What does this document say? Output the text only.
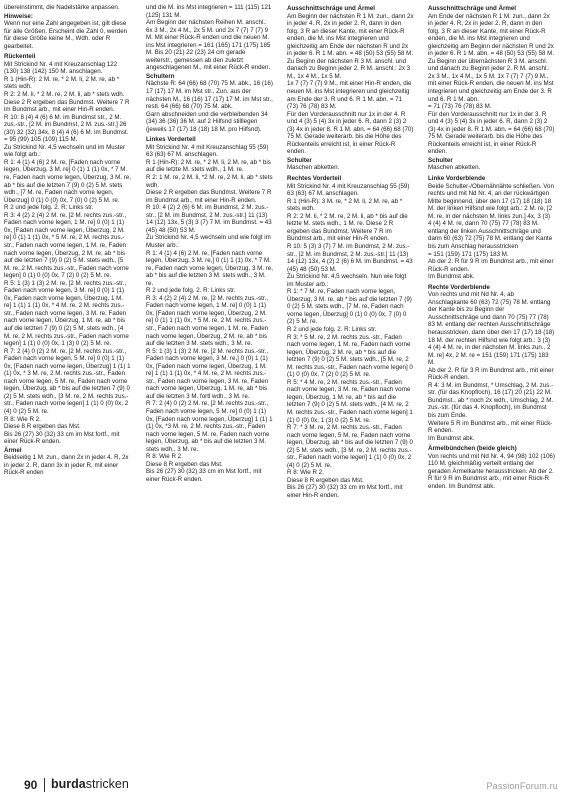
übereinstimmt, die Nadelstärke anpassen.

Hinweise:

Wenn nur eine Zahl angegeben ist, gilt diese für alle Größen. Erscheint die Zahl 0, werden für diese Größe keine M., Wdh. oder R gearbeitet.

Rückenteil

Mit Strickind Nr. 4 mit Kreuzanschlag 122 (130) 138 (142) 150 M. anschlagen.

R 1 (Hin-R): 2 M. re, * 2 M. li, 2 M. re, ab * stets wdh.

R 2: 2 M. li, * 2 M. re, 2 M. li, ab * stets wdh. Diese 2 R ergeben das Bundmst. Weitere 7 R im Bundmst arb., mit einer Hin-R enden.

R 10: 8 (4) 4 (6) 6 M. im Bundmst str., 2 M. zus.-str., [2 M. im Bundmst, 2 M. zus.-str.] 26 (30) 32 (32) 34x, 8 (4) 4 (6) 6 M. im Bundmst. = 95 (99) 105 (109) 115 M.

Zu Strickind Nr. 4,5 wechseln und im Muster wie folgt arb.:

R 1: 4 (1) 4 (6) 2 M. re, [Faden nach vorne legen, Überzug, 3 M. re] 0 (1) 1 (1) 0x, * 7 M. re, Faden nach vorne legen, Überzug, 3 M. re, ab * bis auf die letzten 7 (9) 0 (2) 5 M. stets wdh., [7 M. re, Faden nach vorne legen, Überzug] 0 (1) 0 (0) 0x, 7 (0) 0 (2) 5 M. re.

R 2 und jede folg. 2. R: Links str.

R 3: 4 (2) 2 (4) 2 M. re, [2 M. rechts zus.-str., Faden nach vorne legen, 1 M. re] 0 (0) 1 (1) 0x, [Faden nach vorne legen, Überzug, 2 M. re] 0 (1) 1 (1) 0x, * 5 M. re, 2 M. rechts zus.-str., Faden nach vorne legen, 1 M. re, Faden nach vorne legen, Überzug, 2 M. re, ab * bis auf die letzten 7 (9) 0 (2) 5 M. stets wdh., [5 M. re, 2 M. rechts zus.-str., Faden nach vorne legen] 0 (1) 0 (0) 0x, 7 (2) 0 (2) 5 M. re.

R 5: 1 (3) 1 (3) 2 M. re, [2 M. rechts zus.-str., Faden nach vorne legen, 3 M. re] 0 (0) 1 (1) 0x, Faden nach vorne legen, Überzug, 1 M. re] 1 (1) 1 (1) 0x, * 4 M. re, 2 M. rechts zus.-str., Faden nach vorne legen, 3 M. re, Faden nach vorne legen, Überzug, 1 M. re, ab * bis auf die letzten 7 (9) 0 (2) 5 M. stets wdh., [4 M. re, 2 M. rechts zus.-str., Faden nach vorne legen] 1 (1) 0 (0) 0x, 1 (3) 0 (2) 5 M. re.

R 7: 2 (4) 0 (2) 2 M. re, [2 M. rechts zus.-str., Faden nach vorne legen, 5 M. re] 0 (0) 1 (1) 0x, [Faden nach vorne legen, Überzug] 1 (1) 1 (1) 0x, * 3 M. re, 2 M. rechts zus.-str., Faden nach vorne legen, 5 M. re, Faden nach vorne legen, Überzug, ab * bis auf die letzten 7 (9) 0 (2) 5 M. stets wdh., [3 M. re, 2 M. rechts zus.-str., Faden nach vorne legen] 1 (1) 0 (0) 0x, 2 (4) 0 (2) 5 M. re.

R 8: Wie R 2.

Diese 8 R ergeben das Mst.

Bis 26 (27) 30 (32) 33 cm im Mst fortf., mit einer Rück-R enden.

Ärmel

Beidseitig 1 M. zun., dann 2x in jeder 4. R, 2x in jeder 2. R, dann 3x in jeder R, mit einer Rück-R enden

und die M. ins Mst integrieren = 111 (115) 121 (125) 131 M.

Am Beginn der nächsten Reihen M. anschl.: 6x 3 M., 2x 4 M., 2x 5 M. und 2x 7 (7) 7 (7) 9 M. Mit einer Rück-R enden und die neuen M. ins Mst integrieren = 161 (165) 171 (175) 185 M. Bis 20 (21) 22 (23) 24 cm gerade weiterstr., gemessen ab den zuletzt angeschlagenen M., mit einer Rück-R enden.

Schultern

Nächste R: 64 (66) 68 (70) 75 M. abk., 16 (16) 17 (17) 17 M. im Mst str., Zun. aus der nächsten M., 16 (16) 17 (17) 17 M. im Mst str., restl. 64 (66) 68 (70) 75 M. abk.

Garn abschneiden und die verbleibenden 34 (34) 36 (36) 36 M. auf 2 Hilfsnd stilllegen (jeweils 17 (17) 18 (18) 18 M. pro Hilfsnd).

Linkes Vorderteil

Mit Strickind Nr. 4 mit Kreuzanschlag 55 (59) 63 (63) 67 M. anschlagen.

R 1 (Hin-R): 2 M. re, * 2 M. li, 2 M. re, ab * bis auf die letzte M. stets wdh., 1 M. re.

R 2: 1 M. re, 2 M. li, *2 M. re, 2 M. li, ab * stets wdh.

Diese 2 R ergeben das Bundmst. Weitere 7 R im Bundmst arb., mit einer Hin-R enden.

R 10: 4 (2) 2 (6) 6 M. im Bundmst, 2 M. zus.-str., [2 M. im Bundmst, 2 M. zus.-str.] 11 (13) 14 (12) 13x, 5 (3) 3 (7) 7 M. im Bundmst. = 43 (45) 48 (50) 53 M.

Zu Strickind Nr. 4,5 wechseln und wie folgt im Muster arb.:

R 1: 4 (1) 4 (6) 2 M. re, [Faden nach vorne legen, Überzug, 3 M. re,] 0 (1) 1 (1) 0x, * 7 M. re, Faden nach vorne legen, Überzug, 3 M. re, ab * bis auf die letzten 3 M. stets wdh., 3 M. re.

R 2 und jede folg. 2. R: Links str.

R 3: 4 (2) 2 (4) 2 M. re, [2 M. rechts zus.-str., Faden nach vorne legen, 1 M. re] 0 (0) 1 (1) 0x, [Faden nach vorne legen, Überzug, 2 M. re] 0 (1) 1 (1) 0x, * 5 M. re, 2 M. rechts zus.-str., Faden nach vorne legen, 1 M. re, Faden nach vorne legen, Überzug, 2 M. re, ab * bis auf die letzten 3 M. stets wdh., 3 M. re.

R 5: 1 (3) 1 (3) 2 M. re, [2 M. rechts zus.-str., Faden nach vorne legen, 3 M. re,] 0 (0) 1 (1) 0x, [Faden nach vorne legen, Überzug, 1 M. re] 1 (1) 1 (1) 0x, * 4 M. re, 2 M. rechts zus.-str., Faden nach vorne legen, 3 M. re, Faden nach vorne legen, Überzug, 1 M. re, ab * bis auf die letzten 3 M. fortl wdh., 3 M. re.

R 7: 2 (4) 0 (2) 2 M. re, [2 M. rechts zus.-str., Faden nach vorne legen, 5 M. re] 0 (0) 1 (1) 0x, [Faden nach vorne legen, Überzug] 1 (1) 1 (1) 0x, *3 M. re, 2 M. rechts zus.-str., Faden nach vorne legen, 5 M. re, Faden nach vorne legen, Überzug, ab * bis auf die letzten 3 M. stets wdh., 3 M. re.

R 8: Wie R 2.

Diese 8 R ergeben das Mst.

Bis 26 (27) 30 (32) 33 cm im Mst fortf., mit einer Rück-R enden.

Ausschnittschräge und Ärmel

Am Beginn der nächsten R 1 M. zun., dann 2x in jeder 4. R, 2x in jeder 2. R, dann in den folg. 3 R an dieser Kante, mit einer Rück-R enden, die M. ins Mst integrieren und gleichzeitig am Ende der nächsten R und 2x in jeder 6. R 1 M. abn. = 48 (50) 53 (55) 58 M.

Zu Beginn der nächsten R 3 M. anschl. und danach zu Beginn jeder 2. R M. anschl.: 2x 3 M., 1x 4 M., 1x 5 M.

1x 7 (7) 7 (7) 9 M., mit einer Hin-R enden, die neuen M. ins Mst integrieren und gleichzeitig am Ende der 3. R und 6. R 1 M. abn. = 71 (73) 76 (78) 83 M.

Für den Vorderausschnitt nur 1x in der 4. R und 4 (3) 5 (4) 3x in jeder 6. R, dann 2 (3) 2 (3) 4x in jeder 8. R 1 M. abn. = 64 (66) 68 (70) 75 M. Gerade weiterarb. bis die Höhe des Rückenteils erreicht ist, in einer Rück-R enden.

Schulter

Maschen abketten.

Rechtes Vorderteil

Mit Strickind Nr. 4 mit Kreuzanschlag 55 (59) 63 (63) 67 M. anschlagen.

R 1 (Hin-R): 3 M. re, * 2 M. li, 2 M. re, ab * stets wdh.

R 2: 2 M. li, * 2 M. re, 2 M. li, ab * bis auf die letzte M. stets wdh., 1 M. re. Diese 2 R ergeben das Bundmst. Weitere 7 R im Bundmst arb., mit einer Hin-R enden.

R 10: 5 (3) 3 (7) 7 M. im Bundmst, 2 M. zus.-str., [2 M. im Bundmst, 2 M. zus.-str.] 11 (13) 14 (12) 13x, 4 (2) 2 (6) 6 M. im Bundmst. = 43 (45) 48 (50) 53 M.

Zu Strickind Nr. 4,5 wechseln. Nun wie folgt im Muster arb.:

R 1: * 7 M. re, Faden nach vorne legen, Überzug, 3 M. re, ab * bis auf die letzten 7 (9) 0 (2) 5 M. stets wdh., [7 M. re, Faden nach vorne legen, Überzug] 0 (1) 0 (0) 0x, 7 (0) 0 (2) 5 M. re.

R 2 und jede folg. 2. R: Links str.

R 3: * 5 M. re, 2 M. rechts zus.-str., Faden nach vorne legen, 1 M. re, Faden nach vorne legen, Überzug, 2 M. re, ab * bis auf die letzten 7 (9) 0 (2) 5 M. stets wdh., [5 M. re, 2 M. rechts zus.-str., Faden nach vorne legen] 0 (1) 0 (0) 0x, 7 (2) 0 (2) 5 M. re.

R 5: * 4 M. re, 2 M. rechts zus.-str., Faden nach vorne legen, 3 M. re, Faden nach vorne legen, Überzug, 1 M. re, ab * bis auf die letzten 7 (9) 0 (2) 5 M. stets wdh., [4 M. re, 2 M. rechts zus.-str., Faden nach vorne legen] 1 (1) 0 (0) 0x, 1 (3) 0 (2) 5 M. re.

R 7: * 3 M. re, 2 M. rechts zus.-str., Faden nach vorne legen, 5 M. re, Faden nach vorne legen, Überzug, ab * bis auf die letzten 7 (9) 0 (2) 5 M. stets wdh., [3 M. re, 2 M. rechts zus.-str., Faden nach vorne legen] 1 (1) 0 (0) 0x, 2 (4) 0 (2) 5 M. re.

R 8: Wie R 2.

Diese 8 R ergeben das Mst.

Bis 26 (27) 30 (32) 33 cm im Mst fortf., mit einer Hin-R enden.

Ausschnittschräge und Ärmel

Am Ende der nächsten R 1 M. zun., dann 2x in jeder 4. R, 2x in jeder 2. R, dann in den folg. 3 R an dieser Kante, mit einer Rück-R enden, die M. ins Mst integrieren und gleichzeitig am Beginn der nächsten R und 2x in jeder 6. R 1 M. abn. = 48 (50) 53 (55) 58 M.

Zu Beginn der übernächsten R 3 M. anschl. und danach zu Beginn jeder 2. R M. anschl.: 2x 3 M., 1x 4 M., 1x 5 M. 1x 7 (7) 7 (7) 9 M., mit einer Rück-R enden, die neuen M. ins Mst integrieren und gleichzeitig am Ende der 3. R und 6. R 1 M. abn.

= 71 (73) 76 (78) 83 M.

Für den Vorderausschnitt nur 1x in der 3. R und 4 (3) 5 (4) 3x in jeder 6. R, dann 2 (3) 2 (3) 4x in jeder 8. R 1 M. abn. = 64 (66) 68 (70) 75 M. Gerade weiterarb. bis die Höhe des Rückenteils erreicht ist, in einer Rück-R enden.

Schulter

Maschen abketten.

Linke Vorderblende

Beide Schulter-/Obernähnähte schließen. Von rechts und mit Nd Nr. 4, an der rückwärtigen Mitte beginnend, über den 17 (17) 18 (18) 18 M. der linken Hilfsnd wie folgt arb.: 2 M. re, [2 M. re, in der nächsten M. links zun.] 4x, 3 (3) 4 (4) 4 M. re, dann 70 (75) 77 (78) 83 M. entlang der linken Ausschnittschräge und dann 60 (63) 72 (75) 78 M. entlang der Kante bis zum Anschlag herausstricken

= 151 (159) 171 (175) 183 M.

Ab der 2. R für 9 R im Bundmst arb., mit einer Rück-R enden.

Im Bundmst abk.

Rechte Vorderblende

Von rechts und mit Nd Nr. 4, ab Anschlagkante 60 (63) 72 (75) 78 M. entlang der Kante bis zu Beginn der Ausschnittschräge und dann 70 (75) 77 (78) 83 M. entlang der rechten Ausschnittschräge herausstricken, dann über den 17 (17) 18 (18) 18 M. der rechten Hilfsnd wie folgt arb.: 3 (3) 4 (4) 4 M. re, in der nächsten M. links zun., 2 M. re] 4x, 2 M. re = 151 (159) 171 (175) 183 M.

Ab der 2. R für 3 R im Bundmst arb., mit einer Rück-R enden.

R 4: 3 M. im Bundmst, * Umschlag, 2 M. zus.-str. (für das Knopfloch), 16 (17) 20 (21) 22 M. Bundmst., ab * noch 2x wdh., Umschlag, 2 M. zus.-str. (für das 4. Knopfloch), im Bundmst bis zum Ende.

Weitere 5 R im Bundmst arb., mit einer Rück-R enden.

Im Bundmst abk.

Ärmelbündchen (beide gleich)

Von rechts und mit Nd Nr. 4, 94 (98) 102 (106) 110 M. gleichmäßig verteilt entlang der geraden Ärmelkante herausstricken. Ab der 2. R für 9 R im Bundmst arb., mit einer Rück-R enden. Im Bundmst abk.

90 burdastricken	PassionForum.ru
